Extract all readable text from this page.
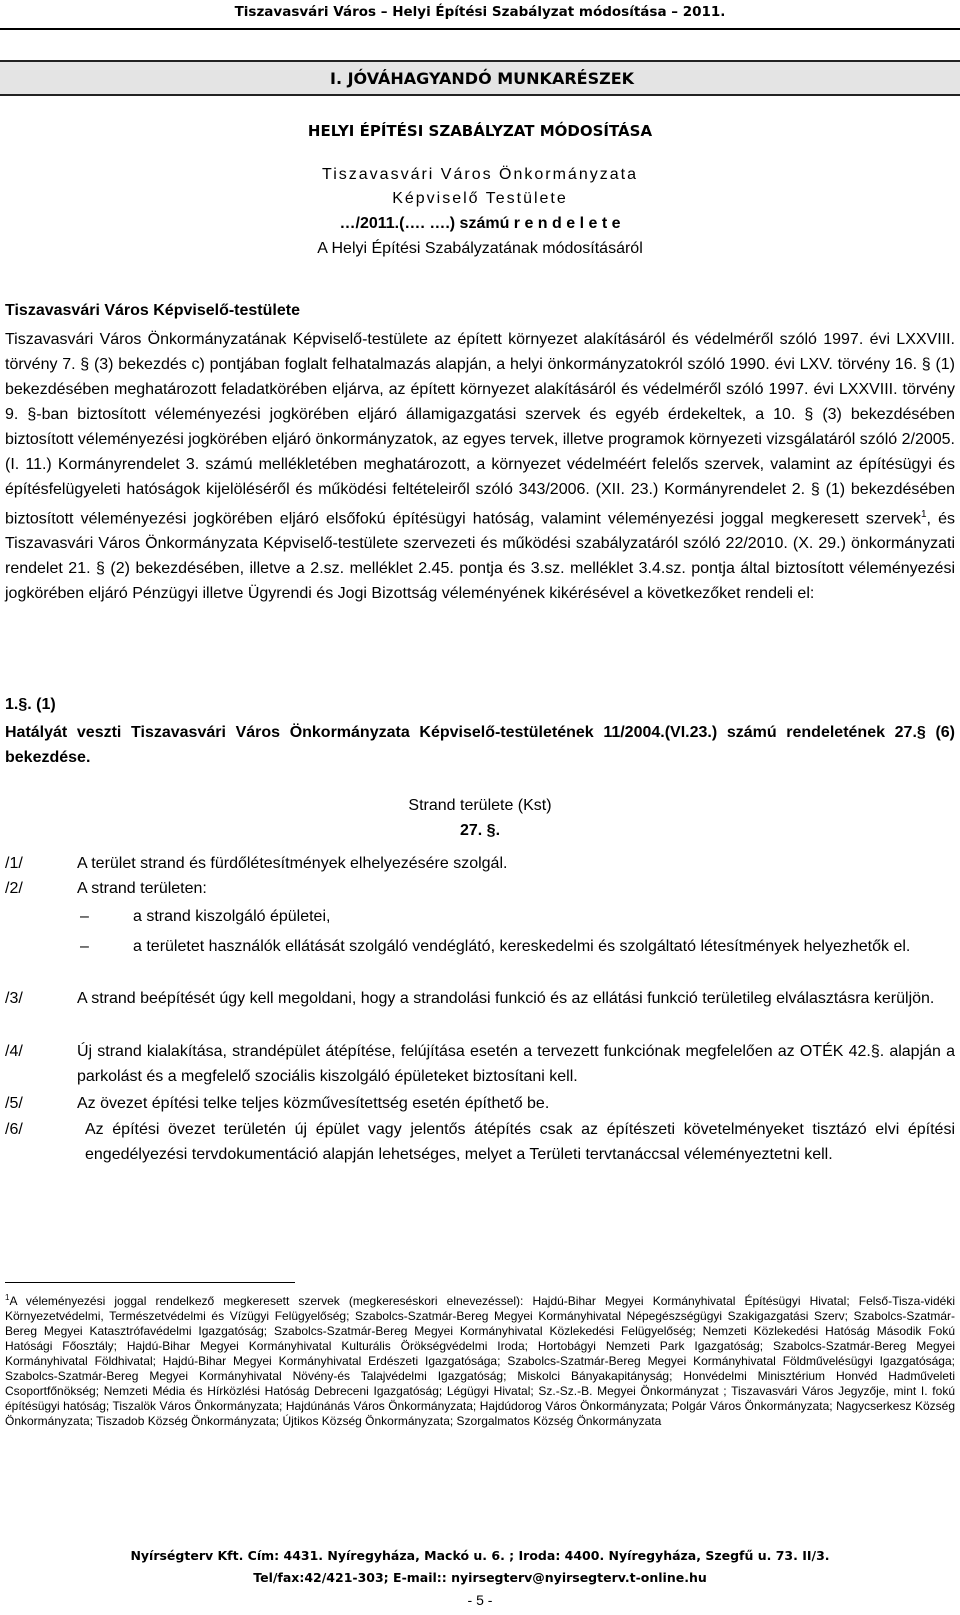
Tiszavasvári Város – Helyi Építési Szabályzat módosítása – 2011.
I. JÓVÁHAGYANDÓ MUNKARÉSZEK
HELYI ÉPÍTÉSI SZABÁLYZAT MÓDOSÍTÁSA
Tiszavasvári Város Önkormányzata
Képviselő Testülete
…/2011.(…. ….) számú r e n d e l e t e
A Helyi Építési Szabályzatának módosításáról
Tiszavasvári Város Képviselő-testülete
Tiszavasvári Város Önkormányzatának Képviselő-testülete az épített környezet alakításáról és védelméről szóló 1997. évi LXXVIII. törvény 7. § (3) bekezdés c) pontjában foglalt felhatalmazás alapján, a helyi önkormányzatokról szóló 1990. évi LXV. törvény 16. § (1) bekezdésében meghatározott feladatkörében eljárva, az épített környezet alakításáról és védelméről szóló 1997. évi LXXVIII. törvény 9. §-ban biztosított véleményezési jogkörében eljáró államigazgatási szervek és egyéb érdekeltek, a 10. § (3) bekezdésében biztosított véleményezési jogkörében eljáró önkormányzatok, az egyes tervek, illetve programok környezeti vizsgálatáról szóló 2/2005. (I. 11.) Kormányrendelet 3. számú mellékletében meghatározott, a környezet védelméért felelős szervek, valamint az építésügyi és építésfelügyeleti hatóságok kijelöléséről és működési feltételeiről szóló 343/2006. (XII. 23.) Kormányrendelet 2. § (1) bekezdésében biztosított véleményezési jogkörében eljáró elsőfokú építésügyi hatóság, valamint véleményezési joggal megkeresett szervek$^1$, és Tiszavasvári Város Önkormányzata Képviselő-testülete szervezeti és működési szabályzatáról szóló 22/2010. (X. 29.) önkormányzati rendelet 21. § (2) bekezdésében, illetve a 2.sz. melléklet 2.45. pontja és 3.sz. melléklet 3.4.sz. pontja által biztosított véleményezési jogkörében eljáró Pénzügyi illetve Ügyrendi és Jogi Bizottság véleményének kikérésével a következőket rendeli el:
1.§. (1)
Hatályát veszti Tiszavasvári Város Önkormányzata Képviselő-testületének 11/2004.(VI.23.) számú rendeletének 27.§ (6) bekezdése.
Strand területe (Kst)
27. §.
/1/	A terület strand és fürdőlétesítmények elhelyezésére szolgál.
/2/	A strand területen:
–	a strand kiszolgáló épületei,
–	a területet használók ellátását szolgáló vendéglátó, kereskedelmi és szolgáltató létesítmények helyezhetők el.
/3/	A strand beépítését úgy kell megoldani, hogy a strandolási funkció és az ellátási funkció területileg elválasztásra kerüljön.
/4/	Új strand kialakítása, strandépület átépítése, felújítása esetén a tervezett funkciónak megfelelően az OTÉK 42.§. alapján a parkolást és a megfelelő szociális kiszolgáló épületeket biztosítani kell.
/5/	Az övezet építési telke teljes közművesítettség esetén építhető be.
/6/	Az építési övezet területén új épület vagy jelentős átépítés csak az építészeti követelményeket tisztázó elvi építési engedélyezési tervdokumentáció alapján lehetséges, melyet a Területi tervtanáccsal véleményeztetni kell.
$^1$A véleményezési joggal rendelkező megkeresett szervek (megkereséskori elnevezéssel): Hajdú-Bihar Megyei Kormányhivatal Építésügyi Hivatal; Felső-Tisza-vidéki Környezetvédelmi, Természetvédelmi és Vízügyi Felügyelőség; Szabolcs-Szatmár-Bereg Megyei Kormányhivatal Népegészségügyi Szakigazgatási Szerv; Szabolcs-Szatmár-Bereg Megyei Katasztrófavédelmi Igazgatóság; Szabolcs-Szatmár-Bereg Megyei Kormányhivatal Közlekedési Felügyelőség; Nemzeti Közlekedési Hatóság Második Fokú Hatósági Főosztály; Hajdú-Bihar Megyei Kormányhivatal Kulturális Örökségvédelmi Iroda; Hortobágyi Nemzeti Park Igazgatóság; Szabolcs-Szatmár-Bereg Megyei Kormányhivatal Földhivatal; Hajdú-Bihar Megyei Kormányhivatal Erdészeti Igazgatósága; Szabolcs-Szatmár-Bereg Megyei Kormányhivatal Földművelésügyi Igazgatósága; Szabolcs-Szatmár-Bereg Megyei Kormányhivatal Növény-és Talajvédelmi Igazgatóság; Miskolci Bányakapitányság; Honvédelmi Minisztérium Honvéd Hadműveleti Csoportfőnökség; Nemzeti Média és Hírközlési Hatóság Debreceni Igazgatóság; Légügyi Hivatal; Sz.-Sz.-B. Megyei Önkormányzat ; Tiszavasvári Város Jegyzője, mint I. fokú építésügyi hatóság; Tiszalök Város Önkormányzata; Hajdúnánás Város Önkormányzata; Hajdúdorog Város Önkormányzata; Polgár Város Önkormányzata; Nagycserkesz Község Önkormányzata; Tiszadob Község Önkormányzata; Újtikos Község Önkormányzata; Szorgalmatos Község Önkormányzata
Nyírségterv Kft. Cím: 4431. Nyíregyháza, Mackó u. 6. ; Iroda: 4400. Nyíregyháza, Szegfű u. 73. II/3.
Tel/fax:42/421-303; E-mail:: nyirsegterv@nyirsegterv.t-online.hu
- 5 -
